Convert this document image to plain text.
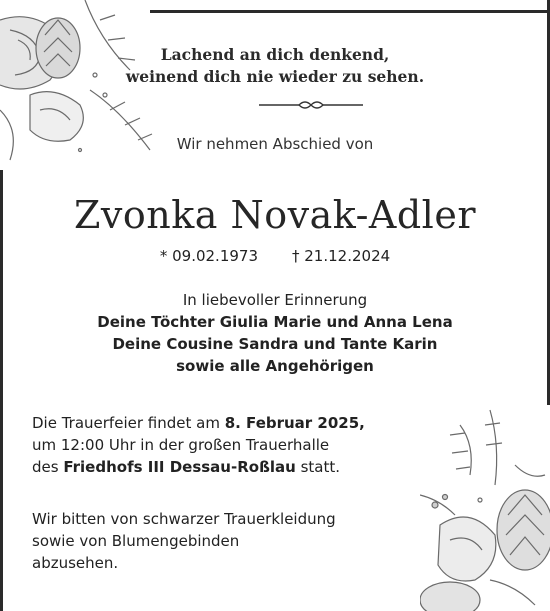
Lachend an dich denkend,
weinend dich nie wieder zu sehen.
Wir nehmen Abschied von
Zvonka Novak-Adler
* 09.02.1973 † 21.12.2024
In liebevoller Erinnerung
Deine Töchter Giulia Marie und Anna Lena
Deine Cousine Sandra und Tante Karin
sowie alle Angehörigen
Die Trauerfeier findet am 8. Februar 2025,
um 12:00 Uhr in der großen Trauerhalle
des Friedhofs III Dessau-Roßlau statt.
Wir bitten von schwarzer Trauerkleidung
sowie von Blumengebinden
abzusehen.
